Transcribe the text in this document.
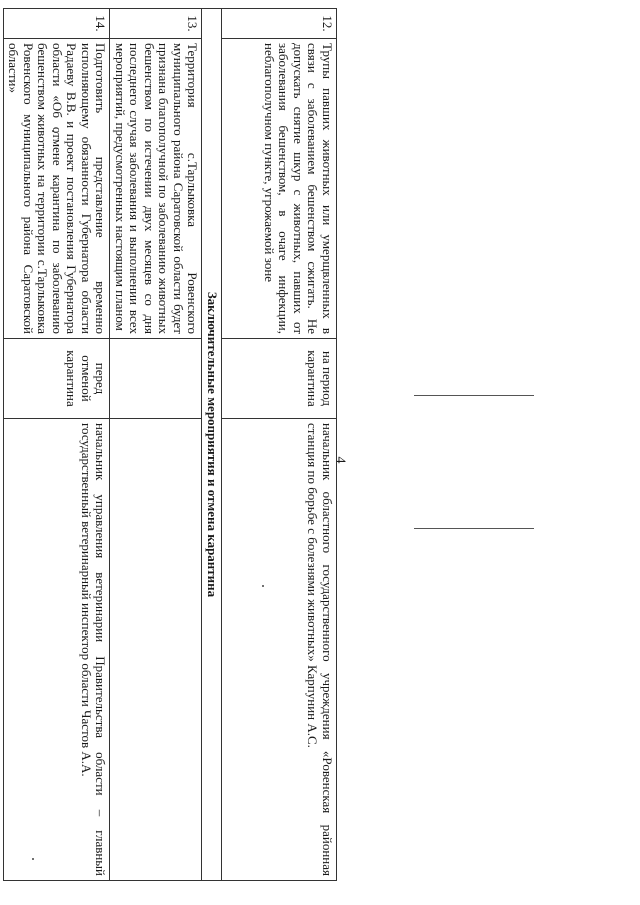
4
12.	Трупы павших животных или умерщвленных в связи с заболеванием бешенством сжигать. Не допускать снятие шкур с животных, павших от заболевания бешенством, в очаге инфекции, неблагополучном пункте, угрожаемой зоне	на период карантина	начальник областного государственного учреждения «Ровенская районная станция по борьбе с болезнями животных» Карпунин А.С.
Заключительные мероприятия и отмена карантина			
13.	Территория с.Тарлыковка Ровенского муниципального района Саратовской области будет признана благополучной по заболеванию животных бешенством по истечении двух месяцев со дня последнего случая заболевания и выполнении всех мероприятий, предусмотренных настоящим планом		
14.	Подготовить представление временно исполняющему обязанности Губернатора области Радаеву В.В. и проект постановления Губернатора области «Об отмене карантина по заболеванию бешенством животных на территории с.Тарлыковка Ровенского муниципального района Саратовской области»	перед отменой карантина	начальник управления ветеринарии Правительства области – главный государственный ветеринарный инспектор области Частов А.А.
